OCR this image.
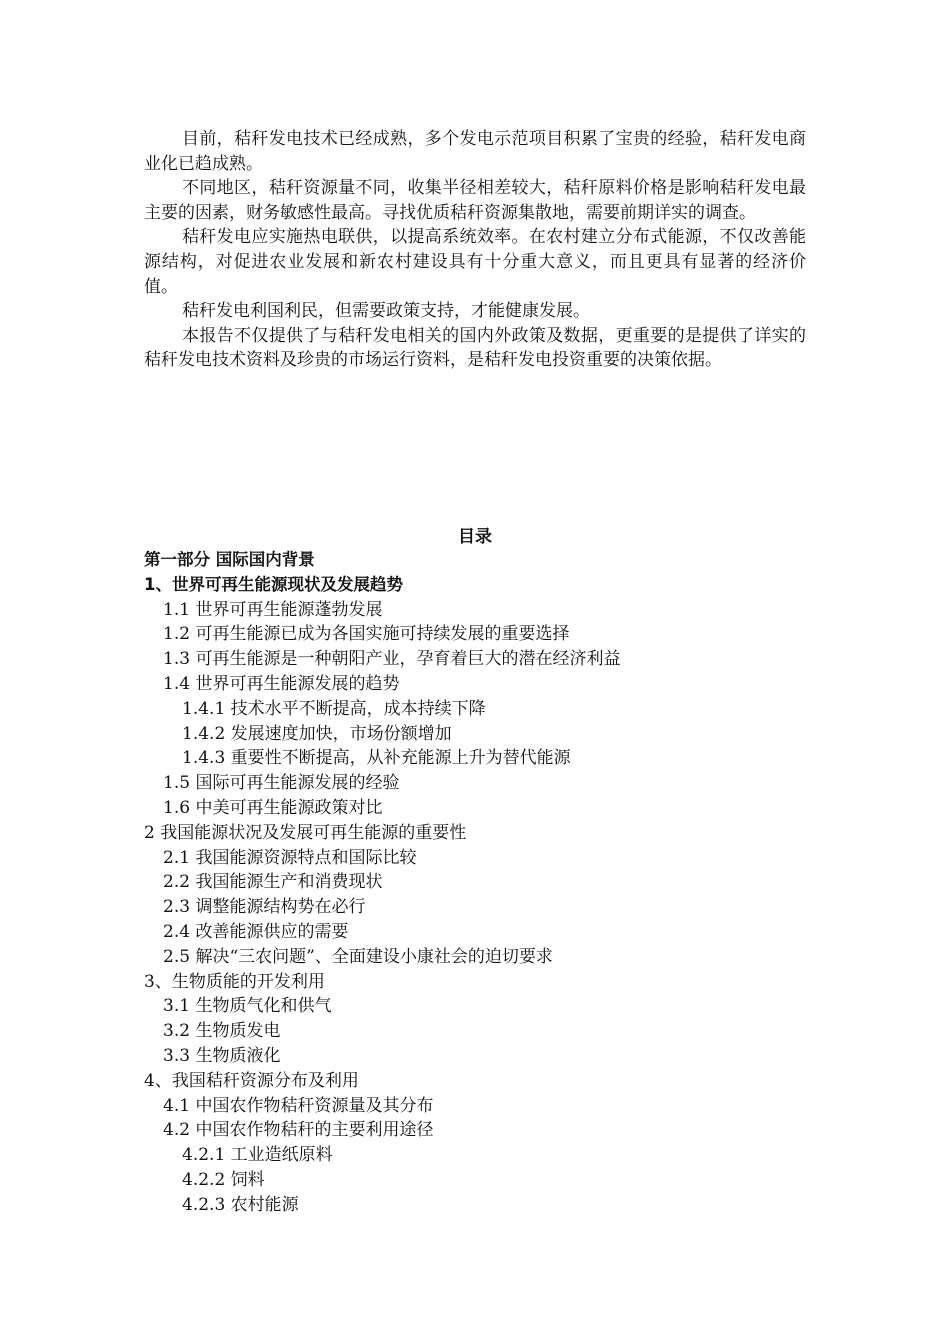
目前，秸秆发电技术已经成熟，多个发电示范项目积累了宝贵的经验，秸秆发电商业化已趋成熟。

不同地区，秸秆资源量不同，收集半径相差较大，秸秆原料价格是影响秸秆发电最主要的因素，财务敏感性最高。寻找优质秸秆资源集散地，需要前期详实的调查。

秸秆发电应实施热电联供，以提高系统效率。在农村建立分布式能源，不仅改善能源结构，对促进农业发展和新农村建设具有十分重大意义，而且更具有显著的经济价值。

秸秆发电利国利民，但需要政策支持，才能健康发展。

本报告不仅提供了与秸秆发电相关的国内外政策及数据，更重要的是提供了详实的秸秆发电技术资料及珍贵的市场运行资料，是秸秆发电投资重要的决策依据。

目录
第一部分 国际国内背景
1、世界可再生能源现状及发展趋势
1.1 世界可再生能源蓬勃发展
1.2 可再生能源已成为各国实施可持续发展的重要选择
1.3 可再生能源是一种朝阳产业，孕育着巨大的潜在经济利益
1.4 世界可再生能源发展的趋势
1.4.1 技术水平不断提高，成本持续下降
1.4.2 发展速度加快，市场份额增加
1.4.3 重要性不断提高，从补充能源上升为替代能源
1.5 国际可再生能源发展的经验
1.6 中美可再生能源政策对比
2 我国能源状况及发展可再生能源的重要性
2.1 我国能源资源特点和国际比较
2.2 我国能源生产和消费现状
2.3 调整能源结构势在必行
2.4 改善能源供应的需要
2.5 解决“三农问题”、全面建设小康社会的迫切要求
3、生物质能的开发利用
3.1 生物质气化和供气
3.2 生物质发电
3.3 生物质液化
4、我国秸秆资源分布及利用
4.1 中国农作物秸秆资源量及其分布
4.2 中国农作物秸秆的主要利用途径
4.2.1 工业造纸原料
4.2.2 饲料
4.2.3 农村能源
